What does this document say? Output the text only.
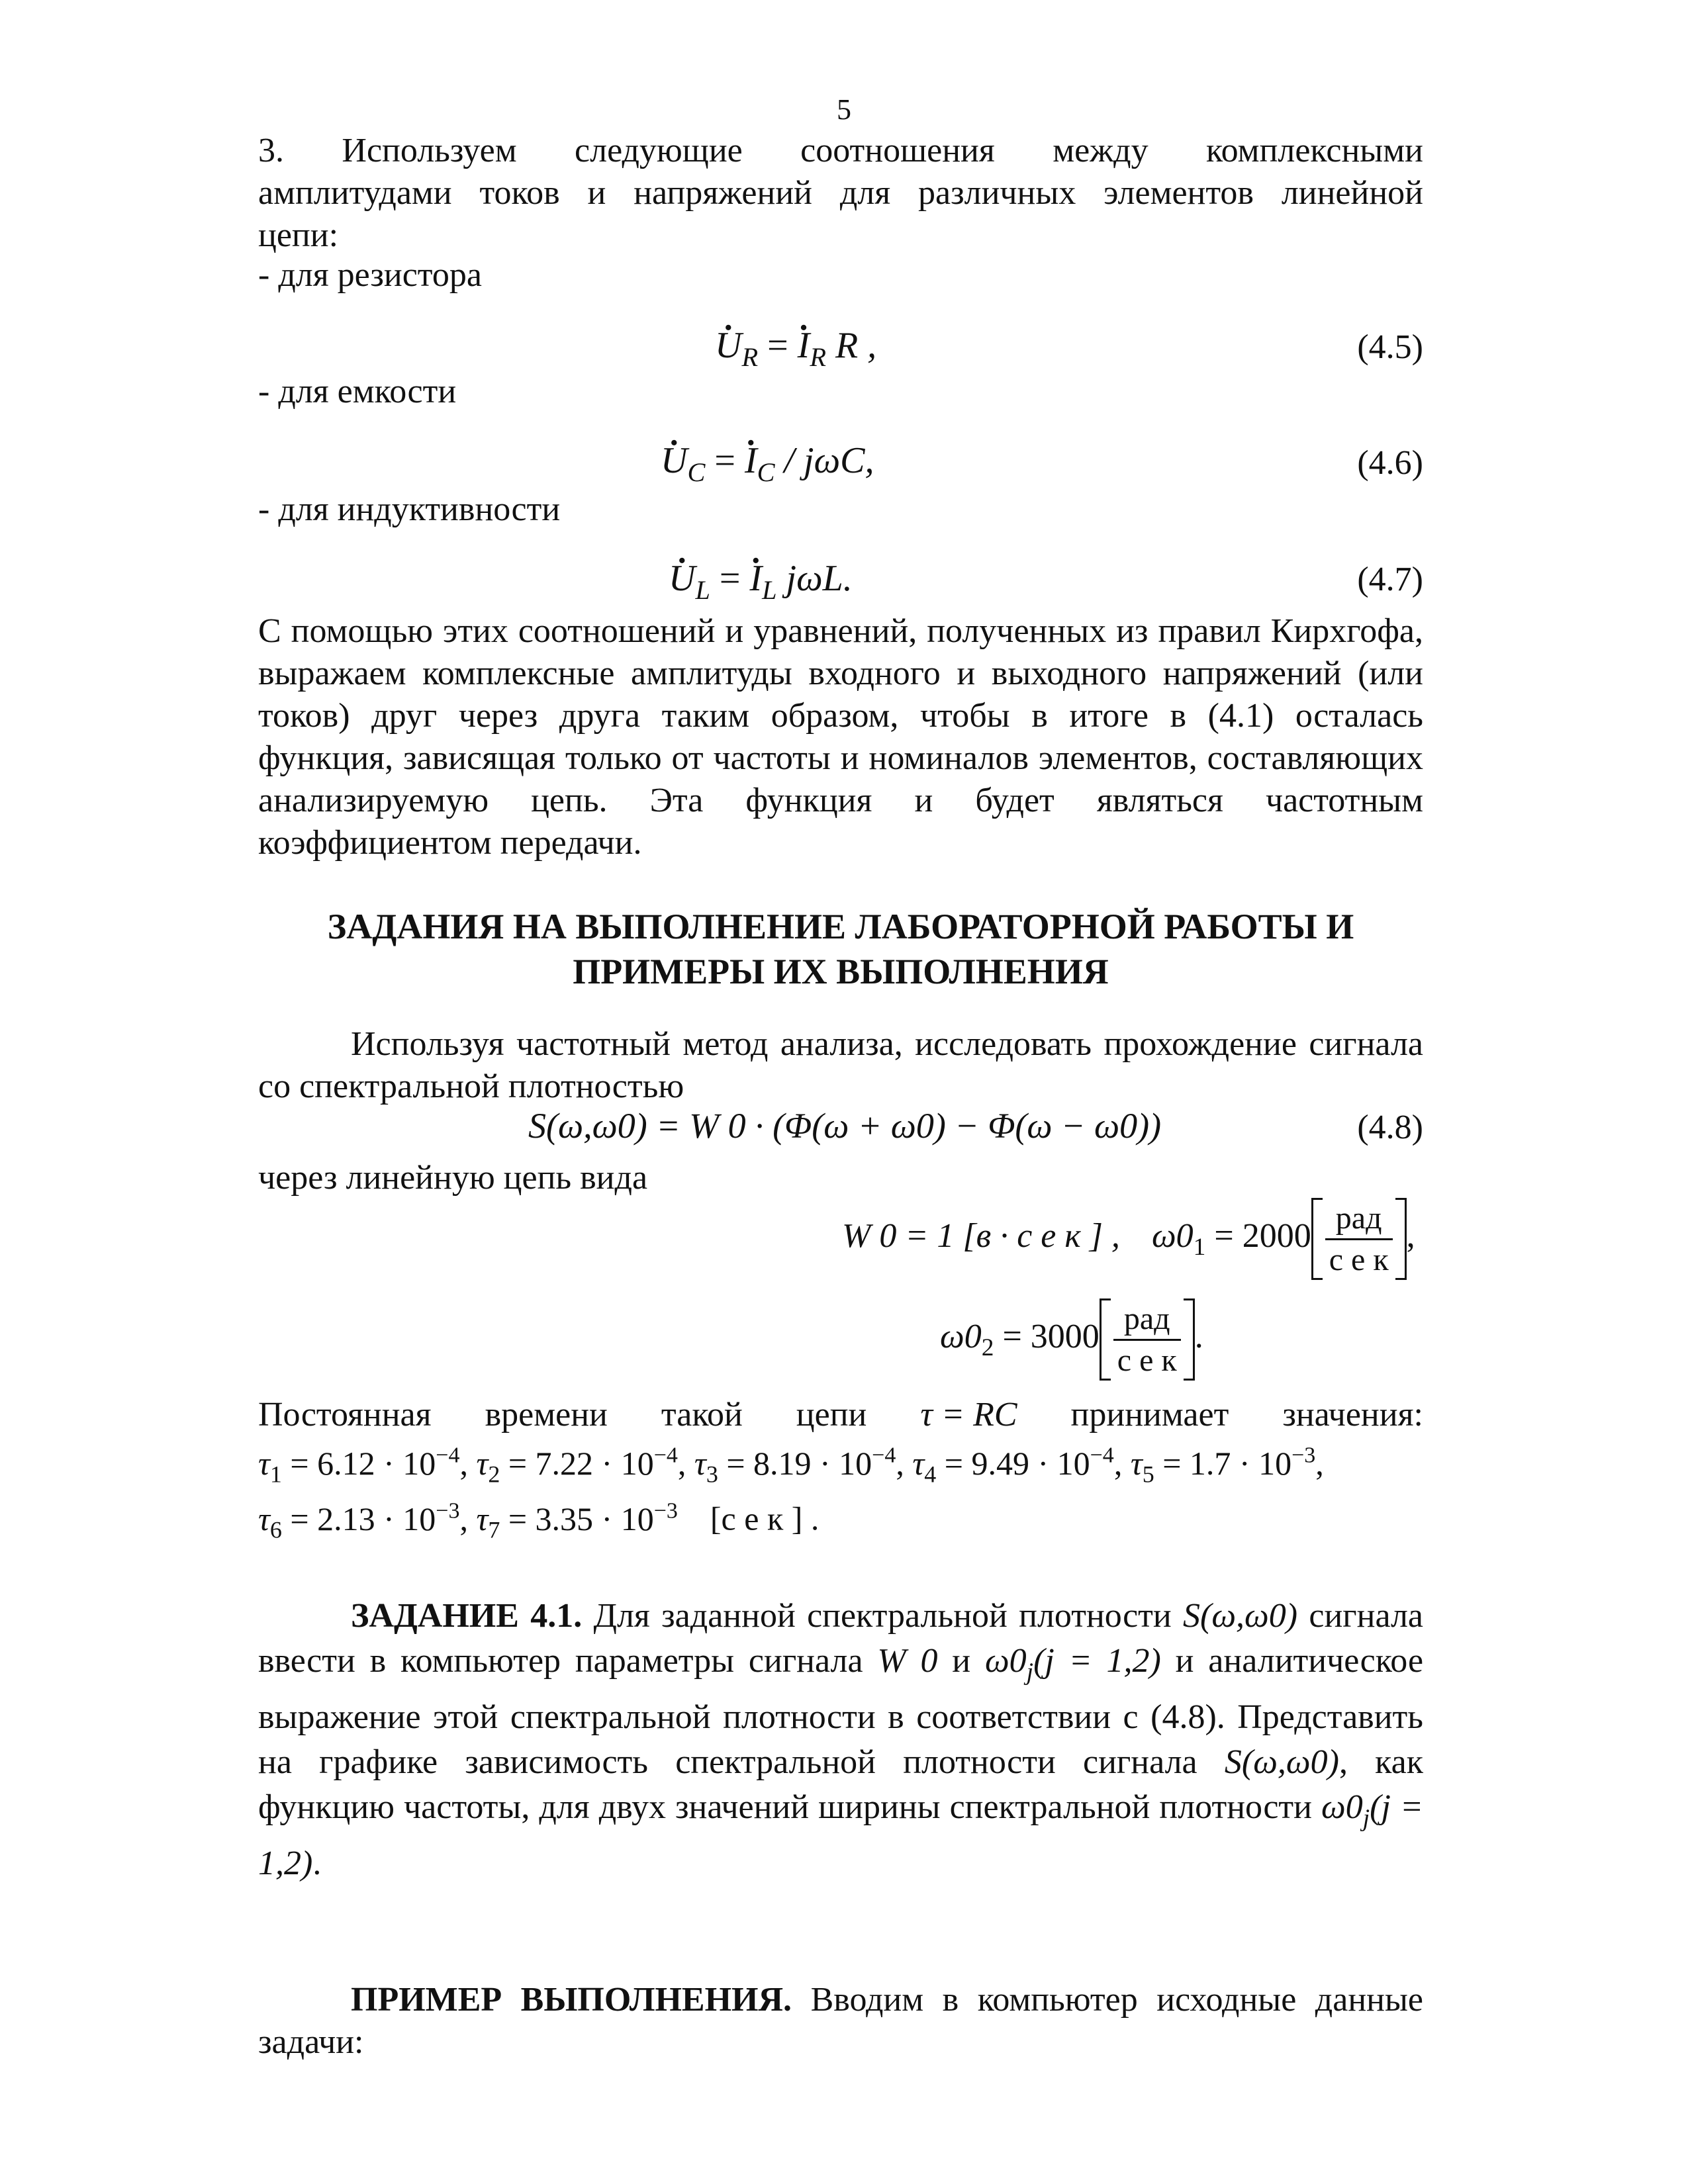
5
3. Используем следующие соотношения между комплексными
амплитудами токов и напряжений для различных элементов линейной
цепи:
- для резистора
· $U_R$ = · $I_R$ R ,	(4.5)
- для емкости
· $U_C$ = · $I_C$ / jωC,	(4.6)
- для индуктивности
· $U_L$ = · $I_L$ jωL.	(4.7)
С помощью этих соотношений и уравнений, полученных из правил Кирхгофа, выражаем комплексные амплитуды входного и выходного напряжений (или токов) друг через друга таким образом, чтобы в итоге в (4.1) осталась функция, зависящая только от частоты и номиналов элементов, составляющих анализируемую цепь. Эта функция и будет являться частотным коэффициентом передачи.
ЗАДАНИЯ НА ВЫПОЛНЕНИЕ ЛАБОРАТОРНОЙ РАБОТЫ И
ПРИМЕРЫ ИХ ВЫПОЛНЕНИЯ
Используя частотный метод анализа, исследовать прохождение сигнала со спектральной плотностью
S(ω,ω0) = W 0 · (Φ(ω + ω0) − Φ(ω − ω0))	(4.8)
через линейную цепь вида
W 0 = 1 [в · с е к ] , $\omega 0_1 = 2000 \frac{\text{рад}}{\text{с е к}}$ ,
$\omega 0_2 = 3000 \frac{\text{рад}}{\text{с е к}}$ .
Постоянная времени такой цепи τ = RC принимает значения:
$\tau_1 = 6.12 \cdot 10^{-4}$, $\tau_2 = 7.22 \cdot 10^{-4}$, $\tau_3 = 8.19 \cdot 10^{-4}$, $\tau_4 = 9.49 \cdot 10^{-4}$, $\tau_5 = 1.7 \cdot 10^{-3}$,
$\tau_6 = 2.13 \cdot 10^{-3}$, $\tau_7 = 3.35 \cdot 10^{-3}$ [с е к ] .
ЗАДАНИЕ 4.1. Для заданной спектральной плотности S(ω,ω0) сигнала ввести в компьютер параметры сигнала W 0 и $\omega 0_j(j = 1,2)$ и аналитическое выражение этой спектральной плотности в соответствии с (4.8). Представить на графике зависимость спектральной плотности сигнала S(ω,ω0), как функцию частоты, для двух значений ширины спектральной плотности $\omega 0_j(j = 1,2)$.
ПРИМЕР ВЫПОЛНЕНИЯ. Вводим в компьютер исходные данные задачи:
